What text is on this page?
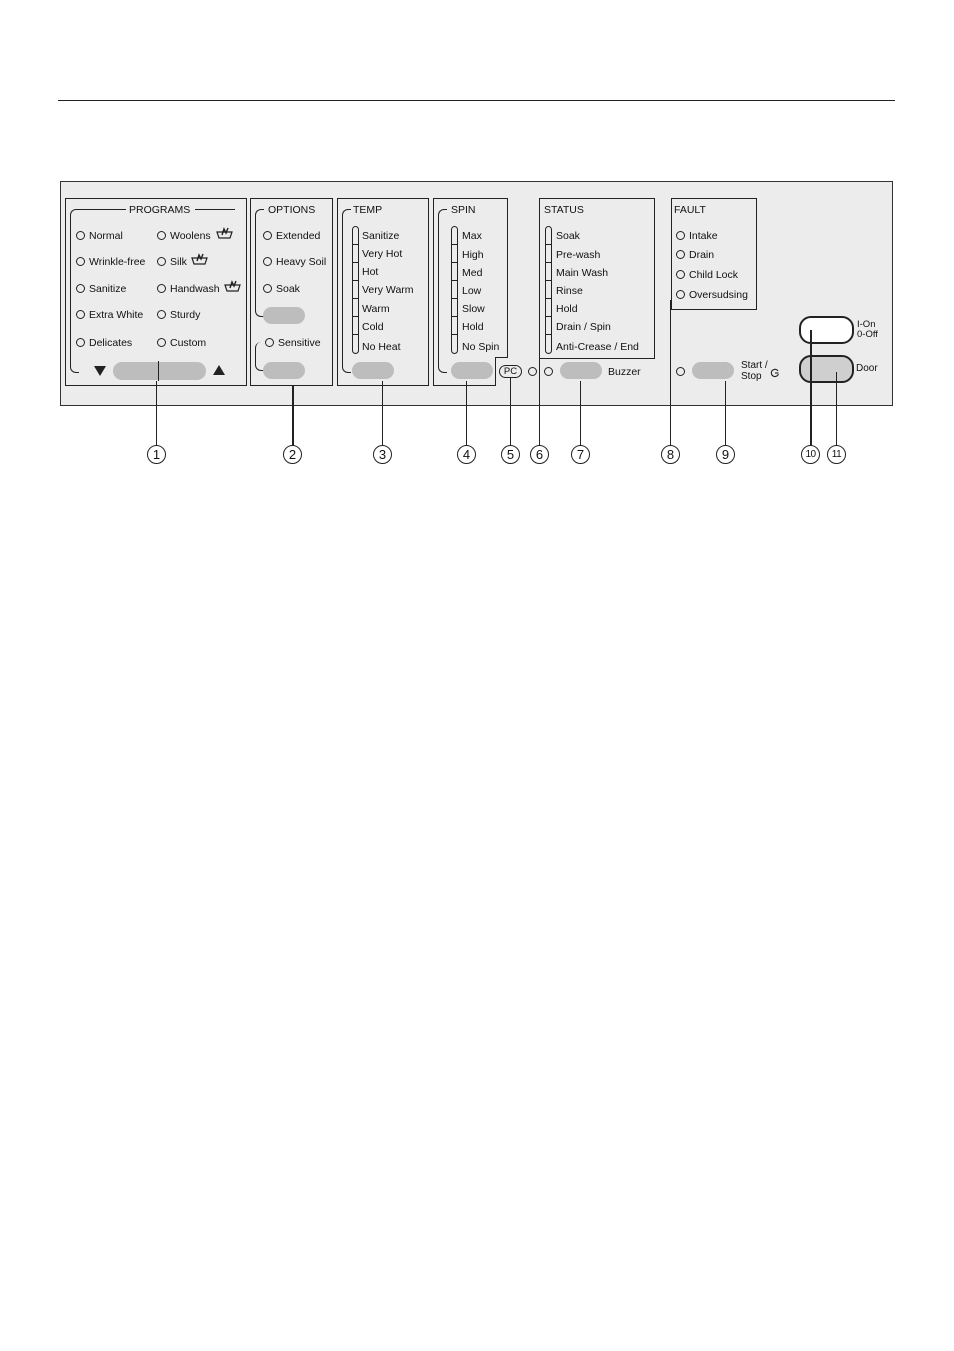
PROGRAMS
Normal
Wrinkle-free
Sanitize
Extra White
Delicates
Woolens
Silk
Handwash
Sturdy
Custom
OPTIONS
Extended
Heavy Soil
Soak
Sensitive
TEMP
Sanitize
Very Hot
Hot
Very Warm
Warm
Cold
No Heat
SPIN
Max
High
Med
Low
Slow
Hold
No Spin
PC
STATUS
Soak
Pre-wash
Main Wash
Rinse
Hold
Drain / Spin
Anti-Crease / End
Buzzer
FAULT
Intake
Drain
Child Lock
Oversudsing
Start /
Stop
I-On
0-Off
Door
1	2	3	4	5	6	7	8	9	10	11
